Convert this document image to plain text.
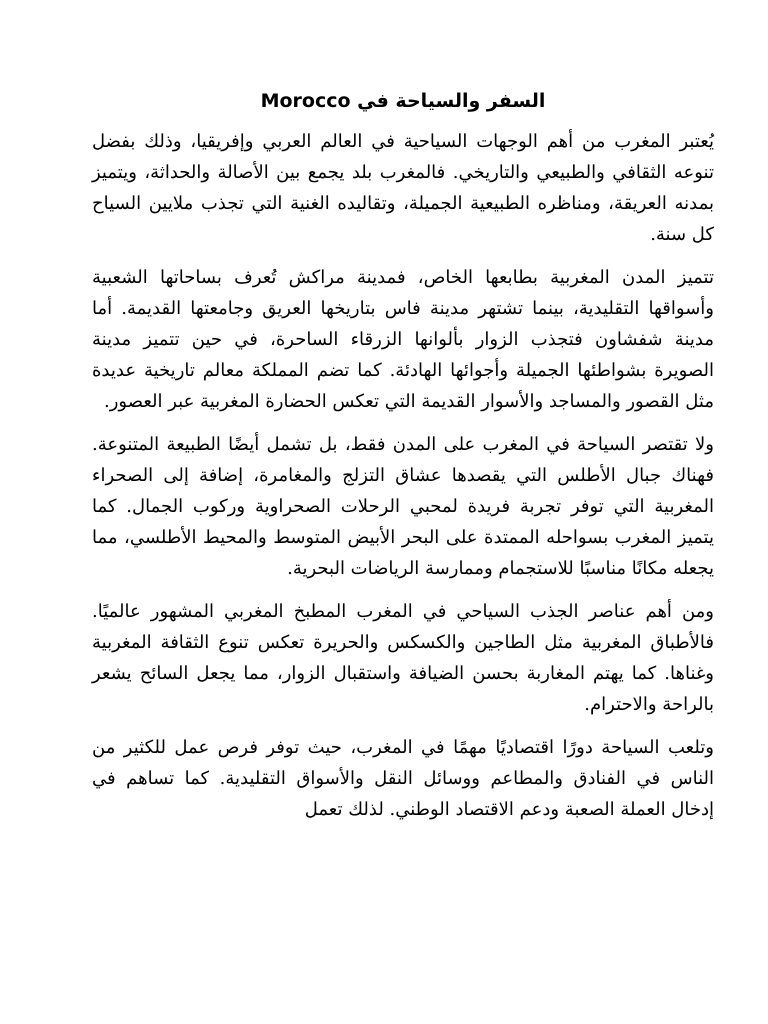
السفر والسياحة في Morocco

يُعتبر المغرب من أهم الوجهات السياحية في العالم العربي وإفريقيا، وذلك بفضل تنوعه الثقافي والطبيعي والتاريخي. فالمغرب بلد يجمع بين الأصالة والحداثة، ويتميز بمدنه العريقة، ومناظره الطبيعية الجميلة، وتقاليده الغنية التي تجذب ملايين السياح كل سنة.

تتميز المدن المغربية بطابعها الخاص، فمدينة مراكش تُعرف بساحاتها الشعبية وأسواقها التقليدية، بينما تشتهر مدينة فاس بتاريخها العريق وجامعتها القديمة. أما مدينة شفشاون فتجذب الزوار بألوانها الزرقاء الساحرة، في حين تتميز مدينة الصويرة بشواطئها الجميلة وأجوائها الهادئة. كما تضم المملكة معالم تاريخية عديدة مثل القصور والمساجد والأسوار القديمة التي تعكس الحضارة المغربية عبر العصور.

ولا تقتصر السياحة في المغرب على المدن فقط، بل تشمل أيضًا الطبيعة المتنوعة. فهناك جبال الأطلس التي يقصدها عشاق التزلج والمغامرة، إضافة إلى الصحراء المغربية التي توفر تجربة فريدة لمحبي الرحلات الصحراوية وركوب الجمال. كما يتميز المغرب بسواحله الممتدة على البحر الأبيض المتوسط والمحيط الأطلسي، مما يجعله مكانًا مناسبًا للاستجمام وممارسة الرياضات البحرية.

ومن أهم عناصر الجذب السياحي في المغرب المطبخ المغربي المشهور عالميًا. فالأطباق المغربية مثل الطاجين والكسكس والحريرة تعكس تنوع الثقافة المغربية وغناها. كما يهتم المغاربة بحسن الضيافة واستقبال الزوار، مما يجعل السائح يشعر بالراحة والاحترام.

وتلعب السياحة دورًا اقتصاديًا مهمًا في المغرب، حيث توفر فرص عمل للكثير من الناس في الفنادق والمطاعم ووسائل النقل والأسواق التقليدية. كما تساهم في إدخال العملة الصعبة ودعم الاقتصاد الوطني. لذلك تعمل
